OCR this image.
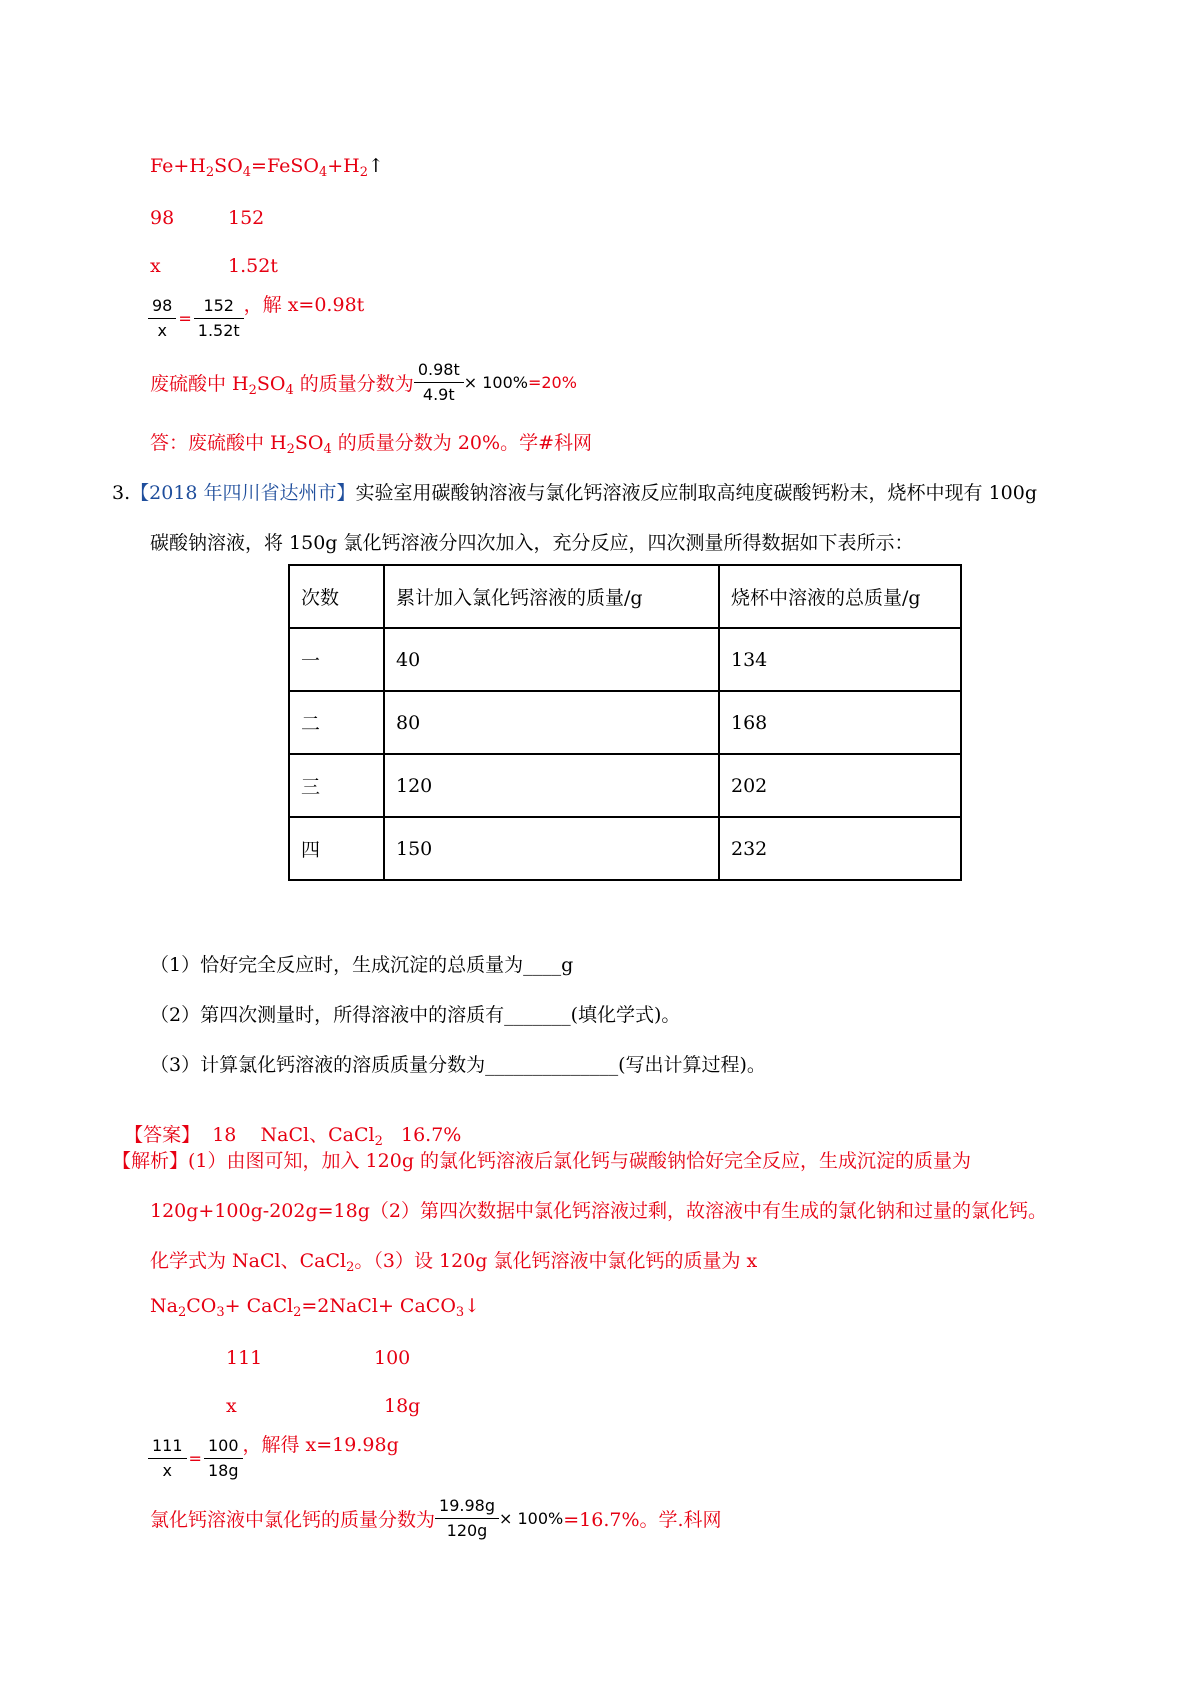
$Fe+H_2SO_4=FeSO_4+H_2↑$
98	152
x	1.52t
$\frac{98}{x} = \frac{152}{1.52t}$ ，解 x=0.98t
废硫酸中 $H_2SO_4$ 的质量分数为 $\frac{0.98t}{4.9t} \times 100\%=20\%$
答：废硫酸中 $H_2SO_4$ 的质量分数为 20%。学#科网
3.【2018 年四川省达州市】实验室用碳酸钠溶液与氯化钙溶液反应制取高纯度碳酸钙粉末，烧杯中现有 100g
碳酸钠溶液，将 150g 氯化钙溶液分四次加入，充分反应，四次测量所得数据如下表所示：
次数	累计加入氯化钙溶液的质量/g	烧杯中溶液的总质量/g
一	40	134
二	80	168
三	120	202
四	150	232
（1）恰好完全反应时，生成沉淀的总质量为____g
（2）第四次测量时，所得溶液中的溶质有_______(填化学式)。
（3）计算氯化钙溶液的溶质质量分数为______________(写出计算过程)。

【答案】 18    NaCl、CaCl$_2$   16.7%

【解析】(1）由图可知，加入 120g 的氯化钙溶液后氯化钙与碳酸钠恰好完全反应，生成沉淀的质量为
120g+100g-202g=18g（2）第四次数据中氯化钙溶液过剩，故溶液中有生成的氯化钠和过量的氯化钙。
化学式为 NaCl、CaCl$_2$。（3）设 120g 氯化钙溶液中氯化钙的质量为 x
$Na_2CO_3+$ CaCl$_2$=2NaCl+ CaCO$_3$↓
111	100
x	18g
$\frac{111}{x} = \frac{100}{18g}$ ，解得 x=19.98g
氯化钙溶液中氯化钙的质量分数为 $\frac{19.98g}{120g} \times 100\%=16.7\%$。学.科网
